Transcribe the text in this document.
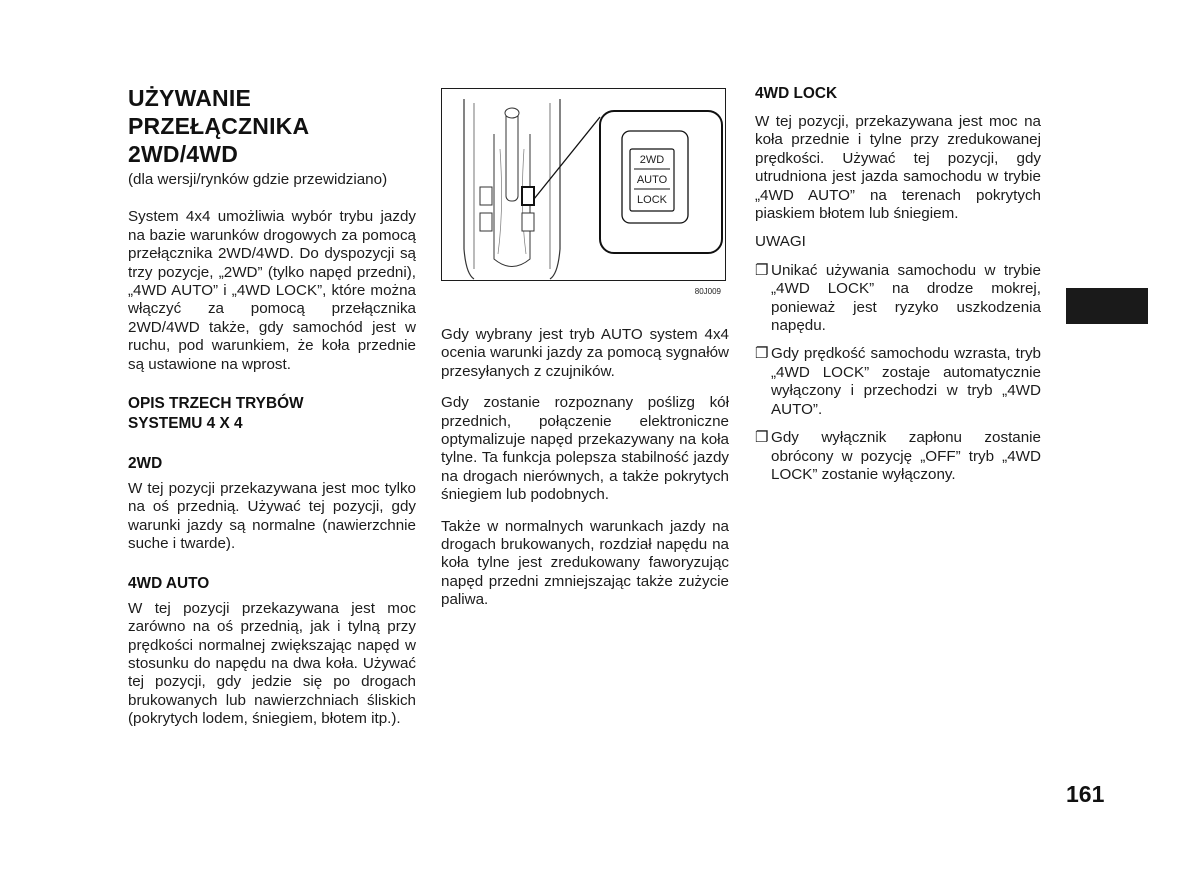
UŻYWANIE
PRZEŁĄCZNIKA
2WD/4WD

(dla wersji/rynków gdzie przewidziano)

System 4x4 umożliwia wybór trybu jazdy na bazie warunków drogowych za pomocą przełącznika 2WD/4WD. Do dyspozycji są trzy pozycje, „2WD” (tylko napęd przedni), „4WD AUTO” i „4WD LOCK”, które można włączyć za pomocą przełącznika 2WD/4WD także, gdy samochód jest w ruchu, pod warunkiem, że koła przednie są ustawione na wprost.

OPIS TRZECH TRYBÓW
SYSTEMU 4 X 4
2WD

W tej pozycji przekazywana jest moc tylko na oś przednią. Używać tej pozycji, gdy warunki jazdy są normalne (nawierzchnie suche i twarde).

4WD AUTO

W tej pozycji przekazywana jest moc zarówno na oś przednią, jak i tylną przy prędkości normalnej zwiększając napęd w stosunku do napędu na dwa koła. Używać tej pozycji, gdy jedzie się po drogach brukowanych lub nawierzchniach śliskich (pokrytych lodem, śniegiem, błotem itp.).

2WD
AUTO
LOCK
80J009

Gdy wybrany jest tryb AUTO system 4x4 ocenia warunki jazdy za pomocą sygnałów przesyłanych z czujników.

Gdy zostanie rozpoznany poślizg kół przednich, połączenie elektroniczne optymalizuje napęd przekazywany na koła tylne. Ta funkcja polepsza stabilność jazdy na drogach nierównych, a także pokrytych śniegiem lub podobnych.

Także w normalnych warunkach jazdy na drogach brukowanych, rozdział napędu na koła tylne jest zredukowany faworyzując napęd przedni zmniejszając także zużycie paliwa.

4WD LOCK

W tej pozycji, przekazywana jest moc na koła przednie i tylne przy zredukowanej prędkości. Używać tej pozycji, gdy utrudniona jest jazda samochodu w trybie „4WD AUTO” na terenach pokrytych piaskiem błotem lub śniegiem.

UWAGI

❐ Unikać używania samochodu w trybie „4WD LOCK” na drodze mokrej, ponieważ jest ryzyko uszkodzenia napędu.
❐ Gdy prędkość samochodu wzrasta, tryb „4WD LOCK” zostaje automatycznie wyłączony i przechodzi w tryb „4WD AUTO”.
❐ Gdy wyłącznik zapłonu zostanie obrócony w pozycję „OFF” tryb „4WD LOCK” zostanie wyłączony.
161
